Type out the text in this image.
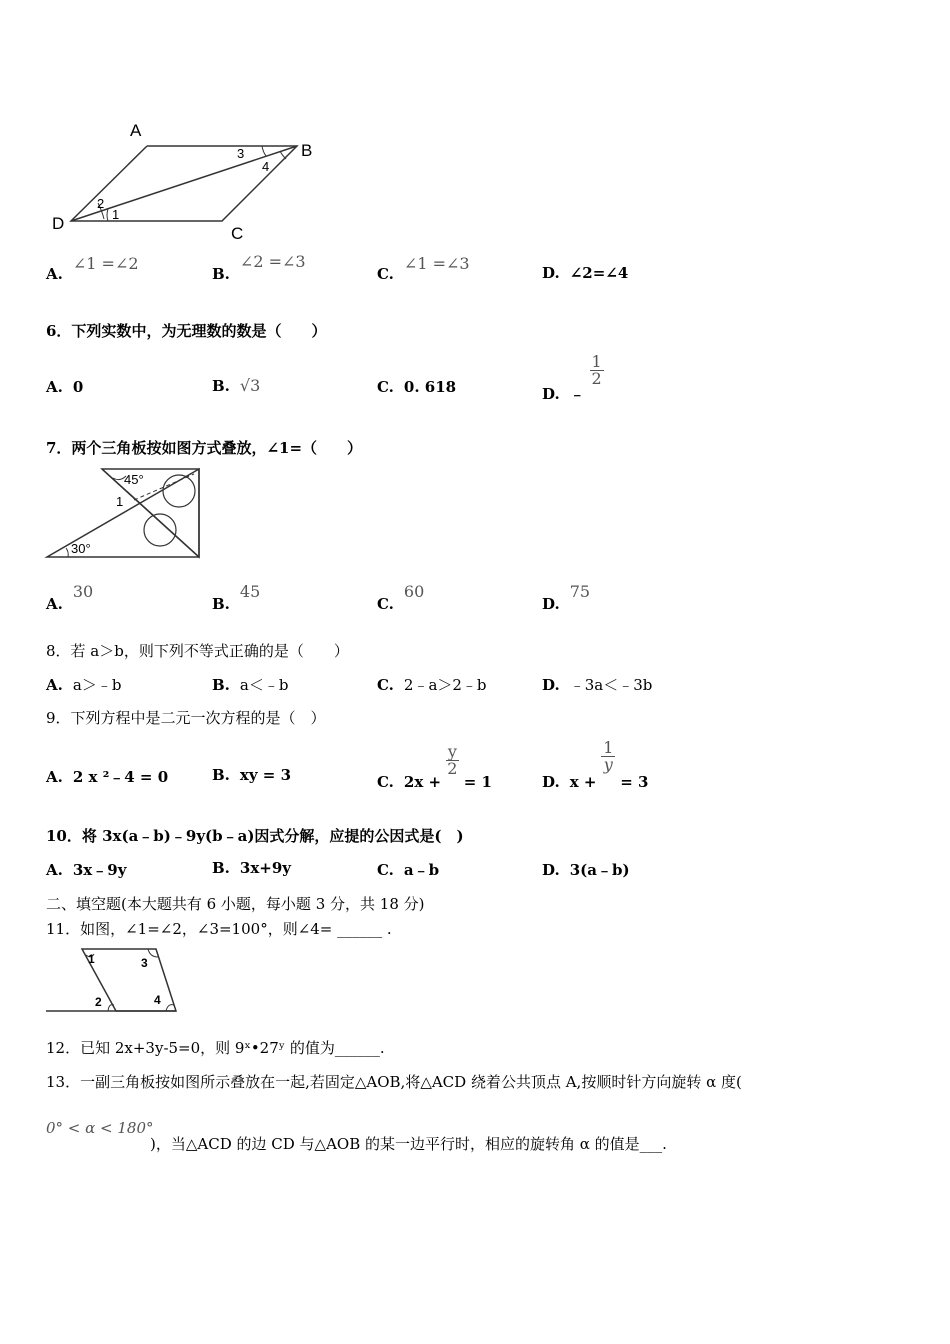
A
B
C
D	1
2
3
4
A.∠1 =∠2
B.∠2 =∠3
C.∠1 =∠3	D. ∠2=∠4
6．下列实数中，为无理数的数是（　　）
A. 0	B. √3	C. 0. 618	D. ﹣
$\frac{1}{2}$
7．两个三角板按如图方式叠放，∠1=（　　）
45°
30°
1
A.30
B.45
C.60
D.75
8．若 a＞b，则下列不等式正确的是（　　）
A. a＞﹣b	B. a＜﹣b	C. 2﹣a＞2﹣b	D. ﹣3a＜﹣3b
9．下列方程中是二元一次方程的是（　）
A. 2 x ²﹣4 = 0	B. xy = 3	C. 2x +
$\frac{y}{2}$
= 1	D. x +
$\frac{1}{y}$
= 3
10．将 3x(a﹣b)﹣9y(b﹣a)因式分解，应提的公因式是(　)
A. 3x﹣9y	B. 3x+9y	C. a﹣b	D. 3(a﹣b)
二、填空题(本大题共有 6 小题，每小题 3 分，共 18 分)
11．如图，∠1=∠2，∠3=100°，则∠4= ______ .
1	3
2	4
12．已知 2x+3y-5=0，则 9ˣ•27ʸ 的值为______.
13．一副三角板按如图所示叠放在一起,若固定△AOB,将△ACD 绕着公共顶点 A,按顺时针方向旋转 α 度(
0° < α < 180°
)，当△ACD 的边 CD 与△AOB 的某一边平行时，相应的旋转角 α 的值是___.
